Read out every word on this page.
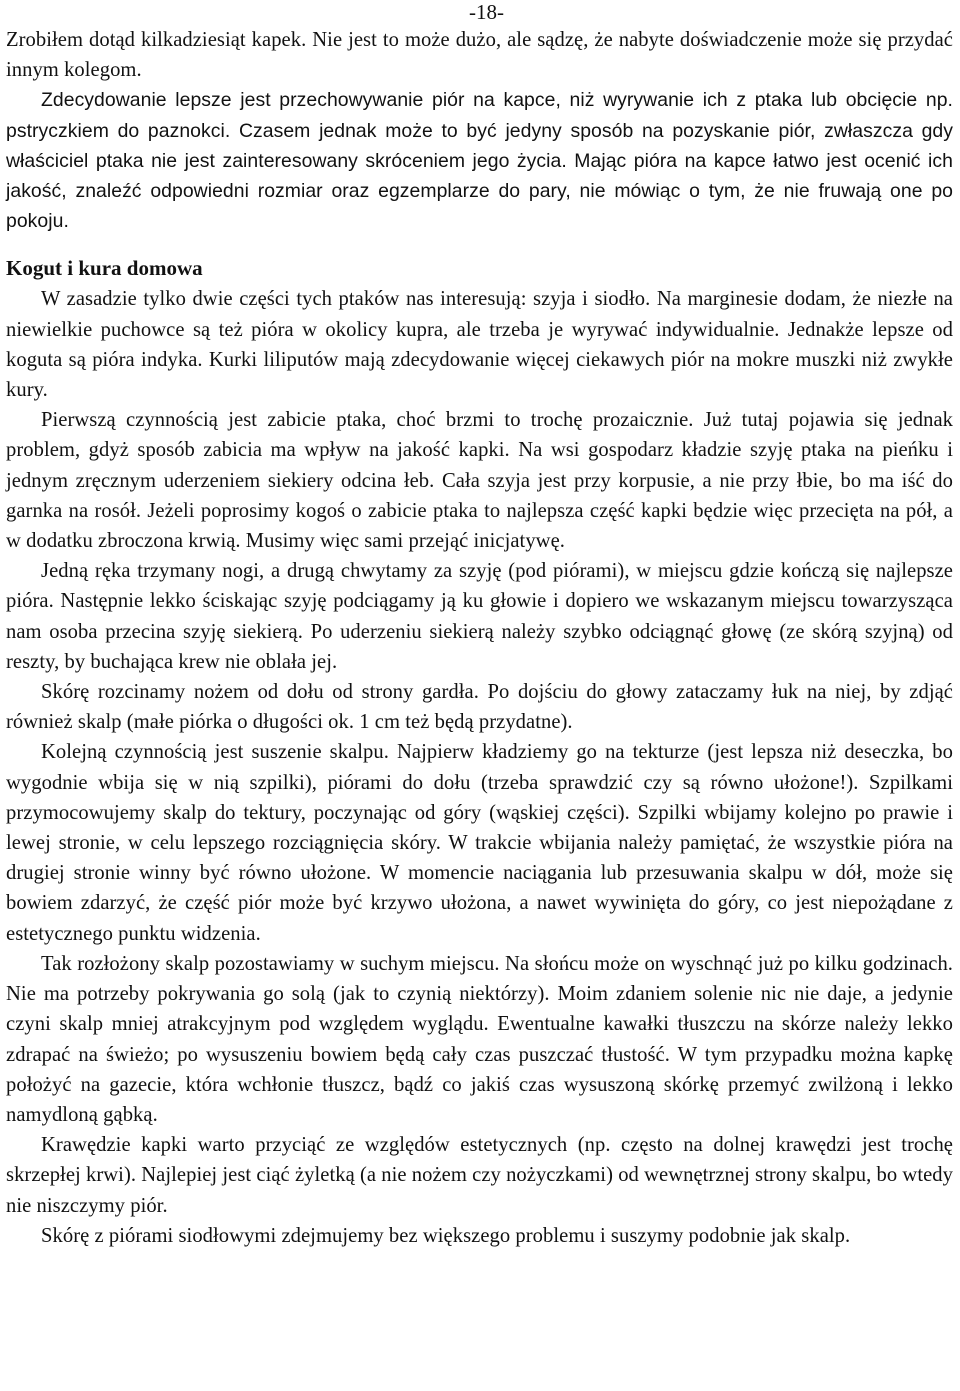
-18-

Zrobiłem dotąd kilkadziesiąt kapek. Nie jest to może dużo, ale sądzę, że nabyte doświadczenie może się przydać innym kolegom.

Zdecydowanie lepsze jest przechowywanie piór na kapce, niż wyrywanie ich z ptaka lub obcięcie np. pstryczkiem do paznokci. Czasem jednak może to być jedyny sposób na pozyskanie piór, zwłaszcza gdy właściciel ptaka nie jest zainteresowany skróceniem jego życia. Mając pióra na kapce łatwo jest ocenić ich jakość, znaleźć odpowiedni rozmiar oraz egzemplarze do pary, nie mówiąc o tym, że nie fruwają one po pokoju.

Kogut i kura domowa

W zasadzie tylko dwie części tych ptaków nas interesują: szyja i siodło. Na marginesie dodam, że niezłe na niewielkie puchowce są też pióra w okolicy kupra, ale trzeba je wyrywać indywidualnie. Jednakże lepsze od koguta są pióra indyka. Kurki liliputów mają zdecydowanie więcej ciekawych piór na mokre muszki niż zwykłe kury.

Pierwszą czynnością jest zabicie ptaka, choć brzmi to trochę prozaicznie. Już tutaj pojawia się jednak problem, gdyż sposób zabicia ma wpływ na jakość kapki. Na wsi gospodarz kładzie szyję ptaka na pieńku i jednym zręcznym uderzeniem siekiery odcina łeb. Cała szyja jest przy korpusie, a nie przy łbie, bo ma iść do garnka na rosół. Jeżeli poprosimy kogoś o zabicie ptaka to najlepsza część kapki będzie więc przecięta na pół, a w dodatku zbroczona krwią. Musimy więc sami przejąć inicjatywę.

Jedną ręka trzymany nogi, a drugą chwytamy za szyję (pod piórami), w miejscu gdzie kończą się najlepsze pióra. Następnie lekko ściskając szyję podciągamy ją ku głowie i dopiero we wskazanym miejscu towarzysząca nam osoba przecina szyję siekierą. Po uderzeniu siekierą należy szybko odciągnąć głowę (ze skórą szyjną) od reszty, by buchająca krew nie oblała jej.

Skórę rozcinamy nożem od dołu od strony gardła. Po dojściu do głowy zataczamy łuk na niej, by zdjąć również skalp (małe piórka o długości ok. 1 cm też będą przydatne).

Kolejną czynnością jest suszenie skalpu. Najpierw kładziemy go na tekturze (jest lepsza niż deseczka, bo wygodnie wbija się w nią szpilki), piórami do dołu (trzeba sprawdzić czy są równo ułożone!). Szpilkami przymocowujemy skalp do tektury, poczynając od góry (wąskiej części). Szpilki wbijamy kolejno po prawie i lewej stronie, w celu lepszego rozciągnięcia skóry. W trakcie wbijania należy pamiętać, że wszystkie pióra na drugiej stronie winny być równo ułożone. W momencie naciągania lub przesuwania skalpu w dół, może się bowiem zdarzyć, że część piór może być krzywo ułożona, a nawet wywinięta do góry, co jest niepożądane z estetycznego punktu widzenia.

Tak rozłożony skalp pozostawiamy w suchym miejscu. Na słońcu może on wyschnąć już po kilku godzinach. Nie ma potrzeby pokrywania go solą (jak to czynią niektórzy). Moim zdaniem solenie nic nie daje, a jedynie czyni skalp mniej atrakcyjnym pod względem wyglądu. Ewentualne kawałki tłuszczu na skórze należy lekko zdrapać na świeżo; po wysuszeniu bowiem będą cały czas puszczać tłustość. W tym przypadku można kapkę położyć na gazecie, która wchłonie tłuszcz, bądź co jakiś czas wysuszoną skórkę przemyć zwilżoną i lekko namydloną gąbką.

Krawędzie kapki warto przyciąć ze względów estetycznych (np. często na dolnej krawędzi jest trochę skrzepłej krwi). Najlepiej jest ciąć żyletką (a nie nożem czy nożyczkami) od wewnętrznej strony skalpu, bo wtedy nie niszczymy piór.

Skórę z piórami siodłowymi zdejmujemy bez większego problemu i suszymy podobnie jak skalp.
